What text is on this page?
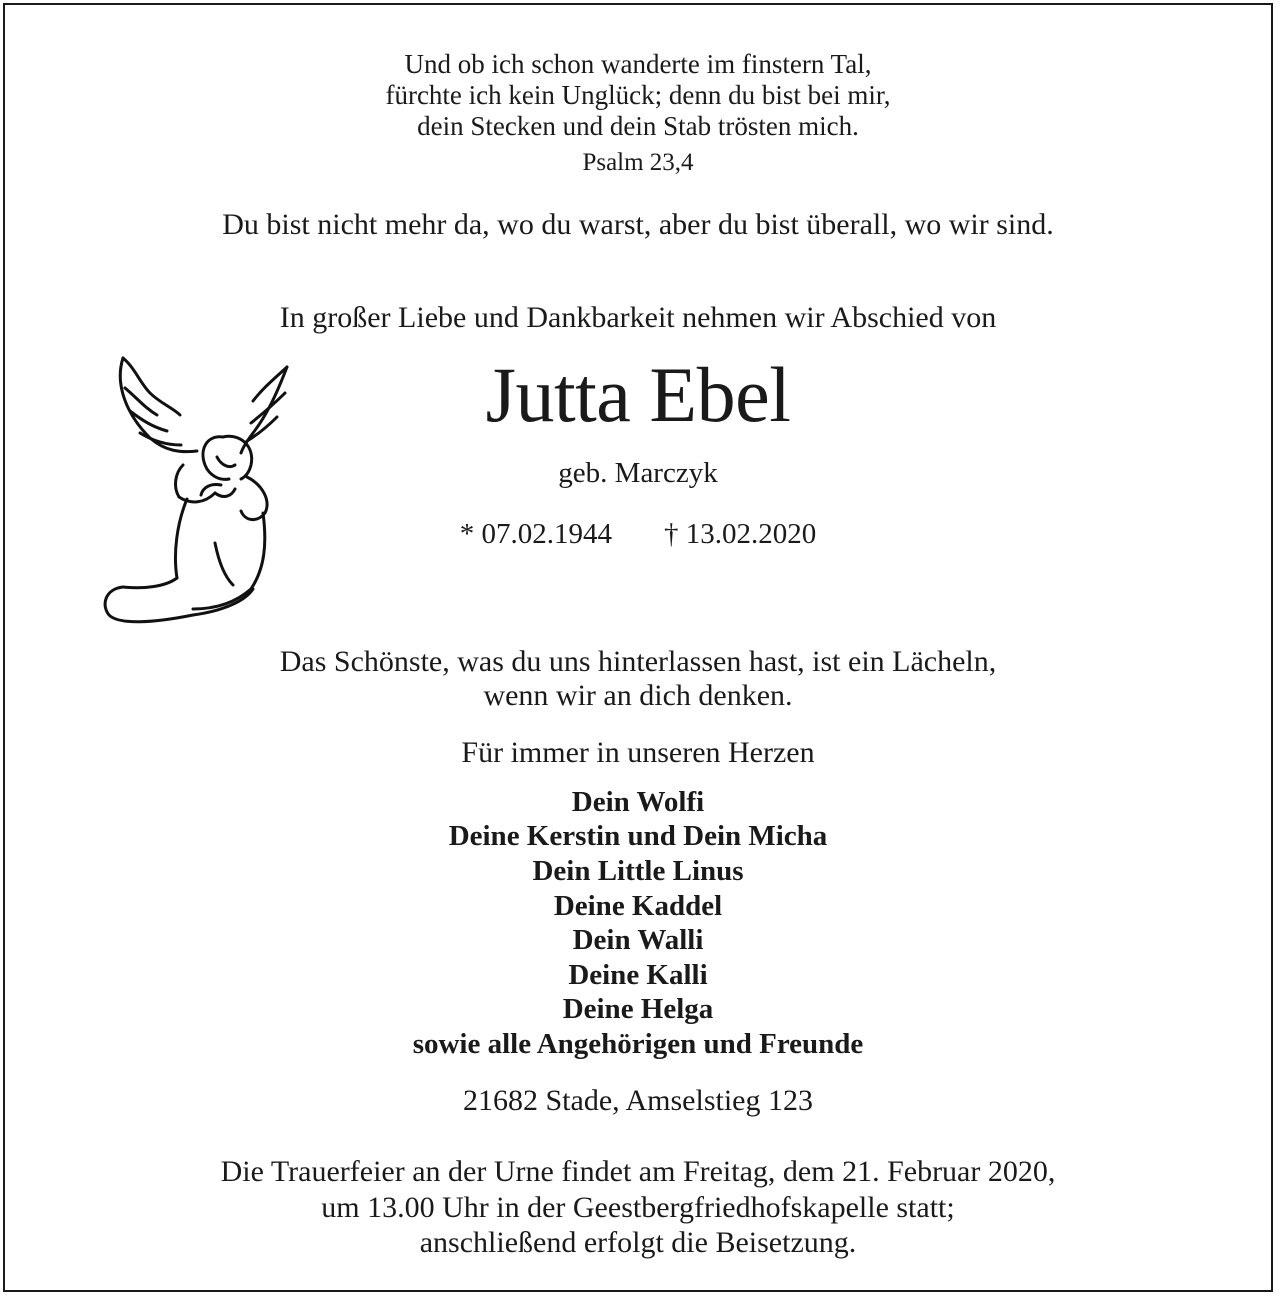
Und ob ich schon wanderte im finstern Tal,
fürchte ich kein Unglück; denn du bist bei mir,
dein Stecken und dein Stab trösten mich.
Psalm 23,4
Du bist nicht mehr da, wo du warst, aber du bist überall, wo wir sind.
In großer Liebe und Dankbarkeit nehmen wir Abschied von
Jutta Ebel
geb. Marczyk
* 07.02.1944 † 13.02.2020
Das Schönste, was du uns hinterlassen hast, ist ein Lächeln,
wenn wir an dich denken.
Für immer in unseren Herzen
Dein Wolfi
Deine Kerstin und Dein Micha
Dein Little Linus
Deine Kaddel
Dein Walli
Deine Kalli
Deine Helga
sowie alle Angehörigen und Freunde
21682 Stade, Amselstieg 123
Die Trauerfeier an der Urne findet am Freitag, dem 21. Februar 2020,
um 13.00 Uhr in der Geestbergfriedhofskapelle statt;
anschließend erfolgt die Beisetzung.
